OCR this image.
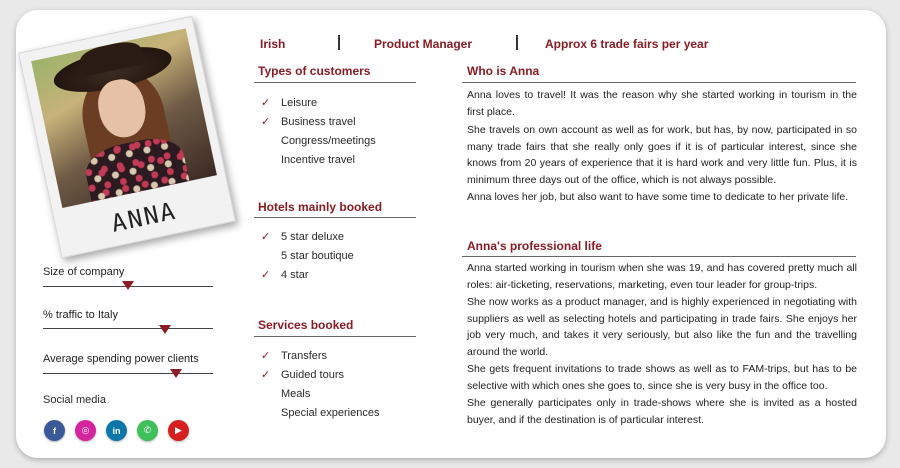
ANNA
Size of company
% traffic to Italy
Average spending power clients
Social media
f	◎	in	✆	▶
Irish	Product Manager	Approx 6 trade fairs per year
Types of customers
✓ Leisure
✓ Business travel
Congress/meetings
Incentive travel
Hotels mainly booked
✓ 5 star deluxe
5 star boutique
✓ 4 star
Services booked
✓ Transfers
✓ Guided tours
Meals
Special experiences
Who is Anna
Anna loves to travel! It was the reason why she started working in tourism in the first place.
She travels on own account as well as for work, but has, by now, participated in so many trade fairs that she really only goes if it is of particular interest, since she knows from 20 years of experience that it is hard work and very little fun. Plus, it is minimum three days out of the office, which is not always possible.
Anna loves her job, but also want to have some time to dedicate to her private life.
Anna's professional life
Anna started working in tourism when she was 19, and has covered pretty much all roles: air-ticketing, reservations, marketing, even tour leader for group-trips.
She now works as a product manager, and is highly experienced in negotiating with suppliers as well as selecting hotels and participating in trade fairs. She enjoys her job very much, and takes it very seriously, but also like the fun and the travelling around the world.
She gets frequent invitations to trade shows as well as to FAM-trips, but has to be selective with which ones she goes to, since she is very busy in the office too.
She generally participates only in trade-shows where she is invited as a hosted buyer, and if the destination is of particular interest.
